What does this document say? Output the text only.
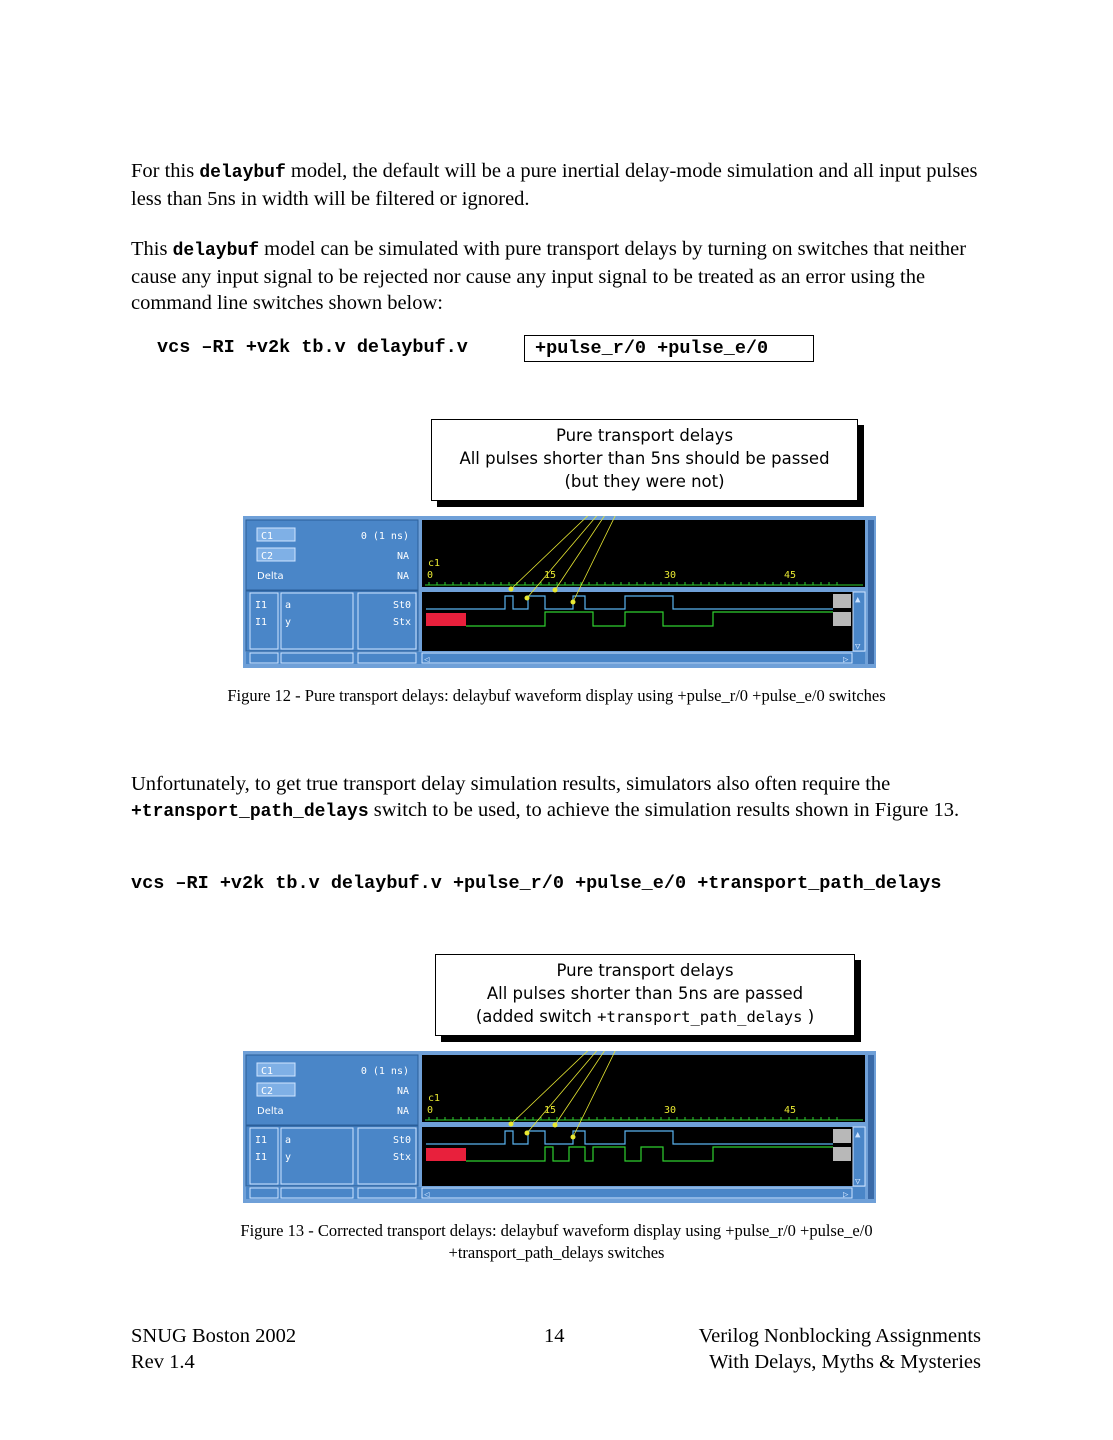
For this delaybuf model, the default will be a pure inertial delay-mode simulation and all input pulses less than 5ns in width will be filtered or ignored.

This delaybuf model can be simulated with pure transport delays by turning on switches that neither cause any input signal to be rejected nor cause any input signal to be treated as an error using the command line switches shown below:

vcs –RI +v2k tb.v delaybuf.v	+pulse_r/0 +pulse_e/0
Pure transport delays
All pulses shorter than 5ns should be passed
(but they were not)
C1
C2
Delta
0 (1 ns)
NA
NA
c1
0	15	30	45
I1 a	St0
I1 y	Stx
▲
▽
◁	▷
Figure 12 - Pure transport delays: delaybuf waveform display using +pulse_r/0 +pulse_e/0 switches

Unfortunately, to get true transport delay simulation results, simulators also often require the +transport_path_delays switch to be used, to achieve the simulation results shown in Figure 13.

vcs –RI +v2k tb.v delaybuf.v +pulse_r/0 +pulse_e/0 +transport_path_delays
Pure transport delays
All pulses shorter than 5ns are passed
(added switch +transport_path_delays )
C1
C2
Delta
0 (1 ns)
NA
NA
c1
0	15	30	45
I1 a	St0
I1 y	Stx
▲
▽
◁	▷
Figure 13 - Corrected transport delays: delaybuf waveform display using +pulse_r/0 +pulse_e/0
+transport_path_delays switches
SNUG Boston 2002
Rev 1.4
14	Verilog Nonblocking Assignments
With Delays, Myths & Mysteries
